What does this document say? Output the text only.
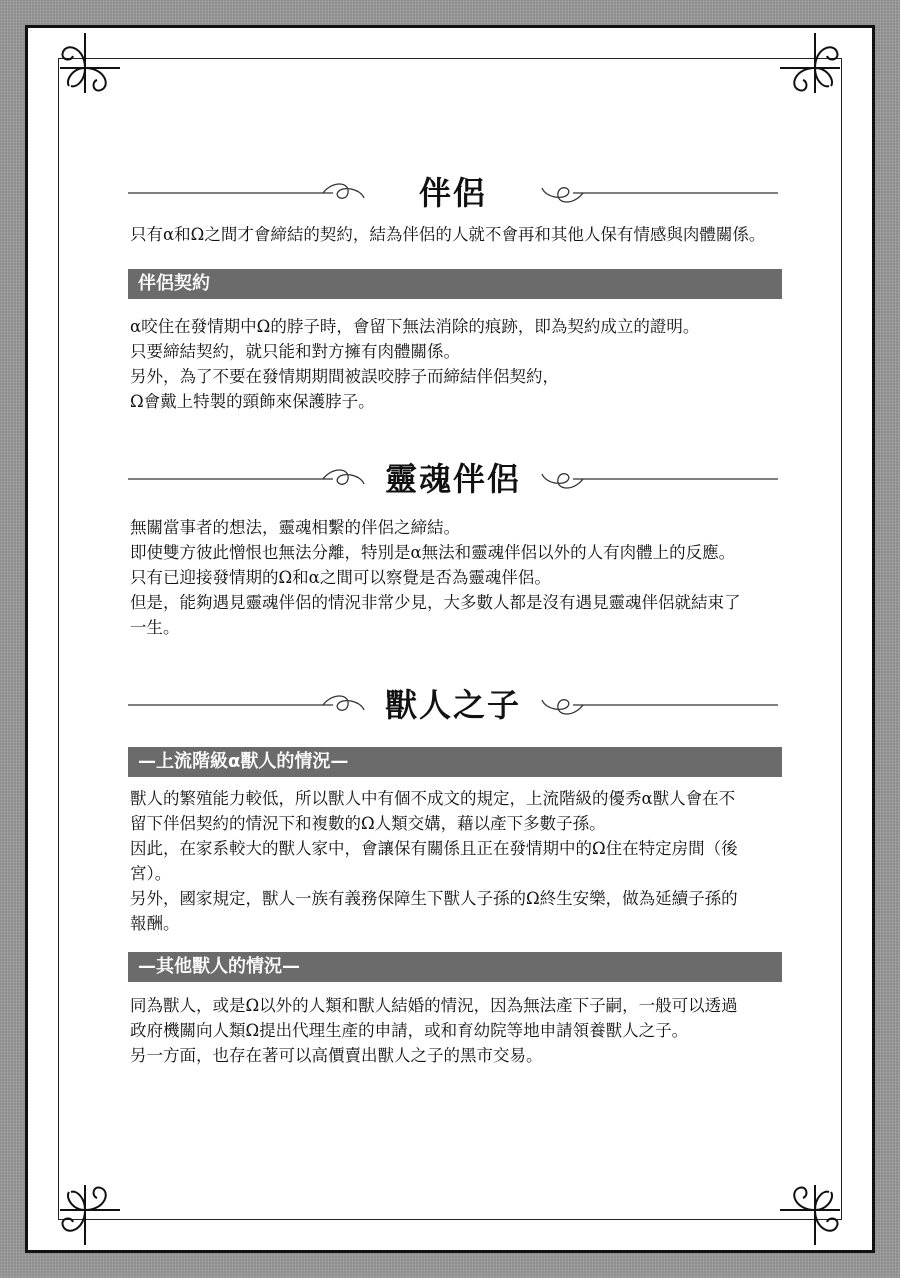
伴侶
只有α和Ω之間才會締結的契約，結為伴侶的人就不會再和其他人保有情感與肉體關係。
伴侶契約
α咬住在發情期中Ω的脖子時，會留下無法消除的痕跡，即為契約成立的證明。
只要締結契約，就只能和對方擁有肉體關係。
另外，為了不要在發情期期間被誤咬脖子而締結伴侶契約，
Ω會戴上特製的頸飾來保護脖子。
靈魂伴侶
無關當事者的想法，靈魂相繫的伴侶之締結。
即使雙方彼此憎恨也無法分離，特別是α無法和靈魂伴侶以外的人有肉體上的反應。
只有已迎接發情期的Ω和α之間可以察覺是否為靈魂伴侶。
但是，能夠遇見靈魂伴侶的情況非常少見，大多數人都是沒有遇見靈魂伴侶就結束了
一生。
獸人之子
—上流階級α獸人的情況—
獸人的繁殖能力較低，所以獸人中有個不成文的規定，上流階級的優秀α獸人會在不
留下伴侶契約的情況下和複數的Ω人類交媾，藉以產下多數子孫。
因此，在家系較大的獸人家中，會讓保有關係且正在發情期中的Ω住在特定房間（後
宮）。
另外，國家規定，獸人一族有義務保障生下獸人子孫的Ω終生安樂，做為延續子孫的
報酬。
—其他獸人的情況—
同為獸人，或是Ω以外的人類和獸人結婚的情況，因為無法產下子嗣，一般可以透過
政府機關向人類Ω提出代理生產的申請，或和育幼院等地申請領養獸人之子。
另一方面，也存在著可以高價賣出獸人之子的黑市交易。
